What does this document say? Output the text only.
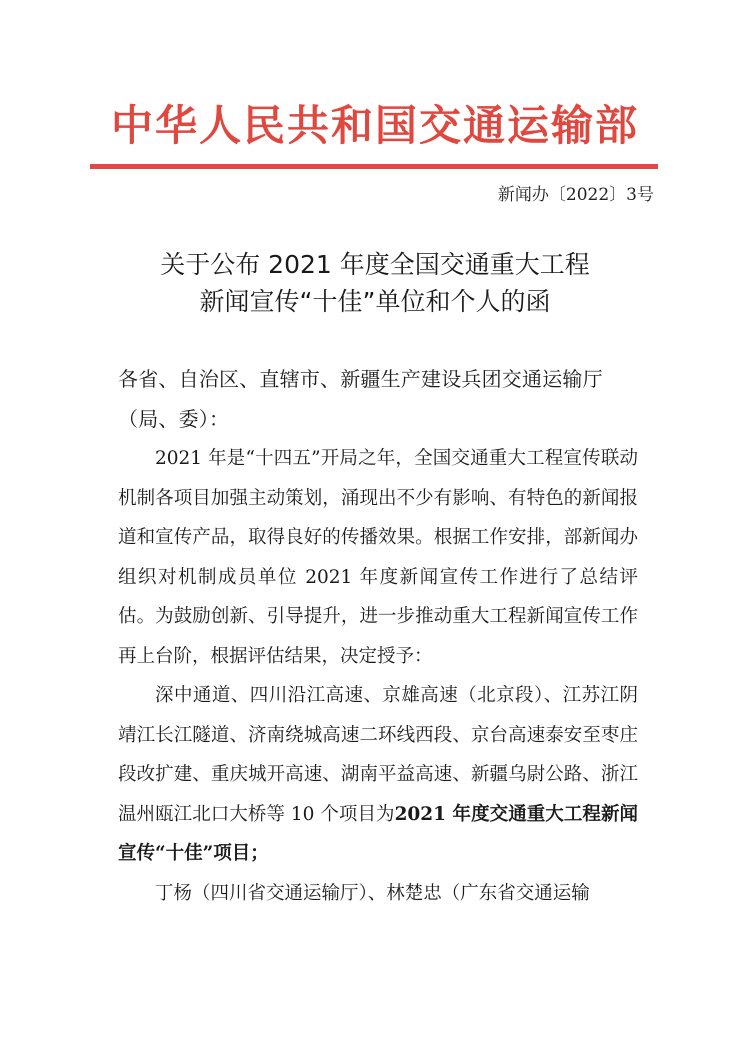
中华人民共和国交通运输部
新闻办〔2022〕3号
关于公布 2021 年度全国交通重大工程
新闻宣传“十佳”单位和个人的函

各省、自治区、直辖市、新疆生产建设兵团交通运输厅（局、委）：

2021 年是“十四五”开局之年，全国交通重大工程宣传联动机制各项目加强主动策划，涌现出不少有影响、有特色的新闻报道和宣传产品，取得良好的传播效果。根据工作安排，部新闻办组织对机制成员单位 2021 年度新闻宣传工作进行了总结评估。为鼓励创新、引导提升，进一步推动重大工程新闻宣传工作再上台阶，根据评估结果，决定授予：

深中通道、四川沿江高速、京雄高速（北京段）、江苏江阴靖江长江隧道、济南绕城高速二环线西段、京台高速泰安至枣庄段改扩建、重庆城开高速、湖南平益高速、新疆乌尉公路、浙江温州瓯江北口大桥等 10 个项目为2021 年度交通重大工程新闻宣传“十佳”项目；

丁杨（四川省交通运输厅）、林楚忠（广东省交通运输
